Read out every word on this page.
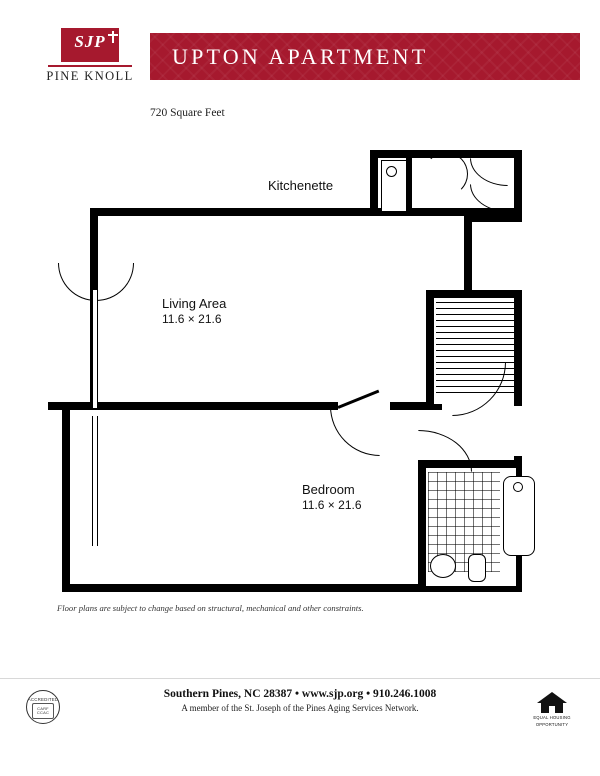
SJP
PINE KNOLL
UPTON APARTMENT
720 Square Feet
Kitchenette
Living Area
11.6 × 21.6
Bedroom
11.6 × 21.6
Floor plans are subject to change based on structural, mechanical and other constraints.
ACCREDITED
CARF CCAC
Southern Pines, NC 28387 • www.sjp.org • 910.246.1008
A member of the St. Joseph of the Pines Aging Services Network.
EQUAL HOUSING
OPPORTUNITY
